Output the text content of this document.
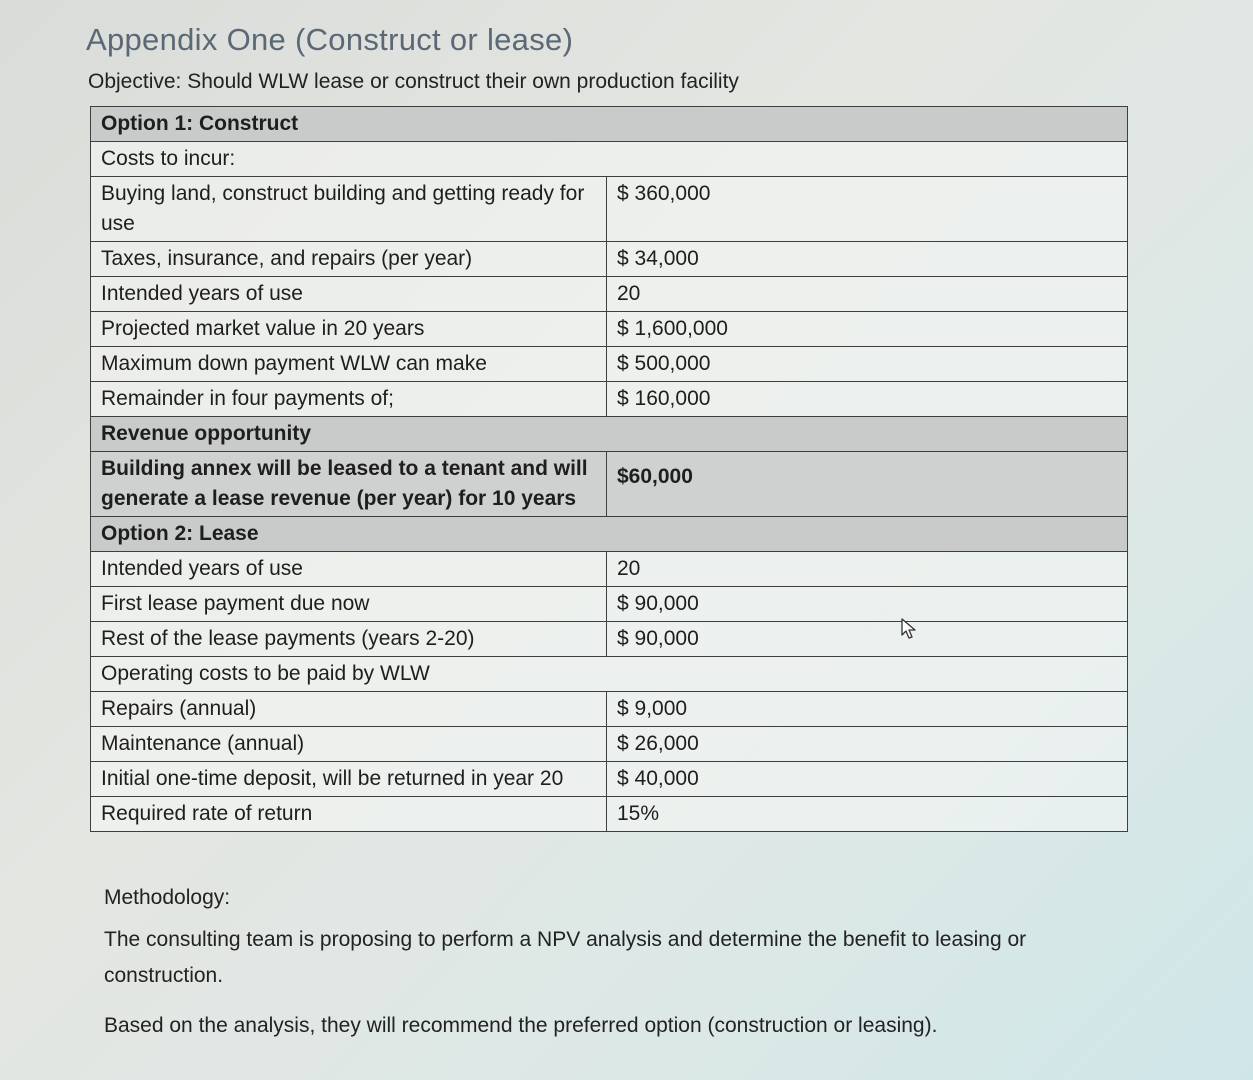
Appendix One (Construct or lease)
Objective: Should WLW lease or construct their own production facility
Option 1: Construct	
Costs to incur:	
Buying land, construct building and getting ready for use	$ 360,000
Taxes, insurance, and repairs (per year)	$ 34,000
Intended years of use	20
Projected market value in 20 years	$ 1,600,000
Maximum down payment WLW can make	$ 500,000
Remainder in four payments of;	$ 160,000
Revenue opportunity	
Building annex will be leased to a tenant and will generate a lease revenue (per year) for 10 years	$60,000
Option 2: Lease	
Intended years of use	20
First lease payment due now	$ 90,000
Rest of the lease payments (years 2-20)	$ 90,000
Operating costs to be paid by WLW	
Repairs (annual)	$ 9,000
Maintenance (annual)	$ 26,000
Initial one-time deposit, will be returned in year 20	$ 40,000
Required rate of return	15%

Methodology:

The consulting team is proposing to perform a NPV analysis and determine the benefit to leasing or construction.

Based on the analysis, they will recommend the preferred option (construction or leasing).
